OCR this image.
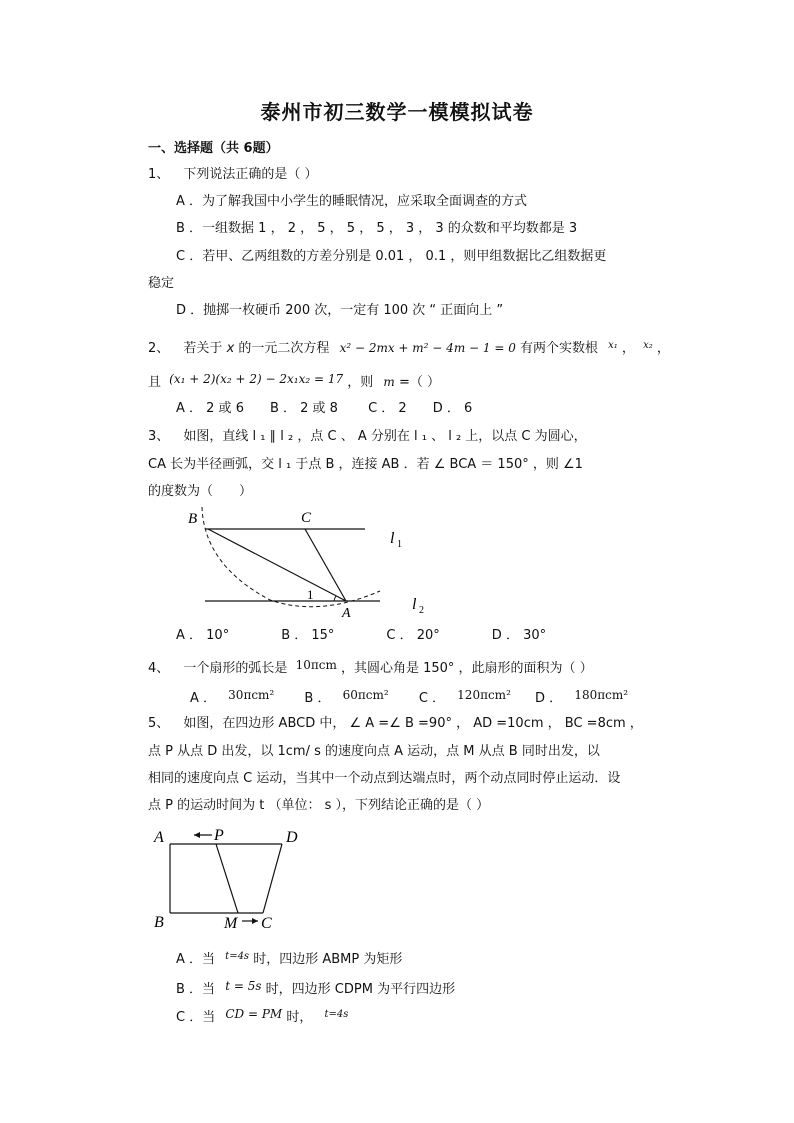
泰州市初三数学一模模拟试卷
一、选择题（共 6题）
1、 下列说法正确的是（ ）
A ．为了解我国中小学生的睡眠情况，应采取全面调查的方式
B ．一组数据 1 ， 2 ， 5 ， 5 ， 5 ， 3 ， 3 的众数和平均数都是 3
C ．若甲、乙两组数的方差分别是 0.01 ， 0.1 ，则甲组数据比乙组数据更
稳定
D ．抛掷一枚硬币 200 次，一定有 100 次 “ 正面向上 ”
2、 若关于 x 的一元二次方程 x² − 2mx + m² − 4m − 1 = 0 有两个实数根 $^{x_1}$ ， $^{x_2}$ ，
且 (x₁ + 2)(x₂ + 2) − 2x₁x₂ = 17 ，则 m =（ ）
A ． 2 或 6　　B ． 2 或 8　　 C ． 2　　D ． 6
3、 如图，直线 l ₁ ∥ l ₂ ，点 C 、 A 分别在 l ₁ 、 l ₂ 上，以点 C 为圆心，
CA 长为半径画弧，交 l ₁ 于点 B ，连接 AB ．若 ∠ BCA ＝ 150° ，则 ∠1
的度数为（　　）
B	C
l 1
1
A
l 2
A ． 10°　　　　B ． 15°　　　　C ． 20°　　　　D ． 30°
4、 一个扇形的弧长是 10πcm ，其圆心角是 150° ，此扇形的面积为（ ）
A ． 30πcm² B ． 60πcm² C ． 120πcm² D ． 180πcm²
5、 如图，在四边形 ABCD 中， ∠ A =∠ B =90° ， AD =10cm ， BC =8cm ，
点 P 从点 D 出发，以 1cm/ s 的速度向点 A 运动，点 M 从点 B 同时出发，以
相同的速度向点 C 运动，当其中一个动点到达端点时，两个动点同时停止运动．设
点 P 的运动时间为 t （单位： s ），下列结论正确的是（ ）
A	P	D
B	M C
A ．当 $^{t=4s}$ 时，四边形 ABMP 为矩形
B ．当 t = 5s 时，四边形 CDPM 为平行四边形
C ．当 CD = PM 时， $^{t=4s}$
